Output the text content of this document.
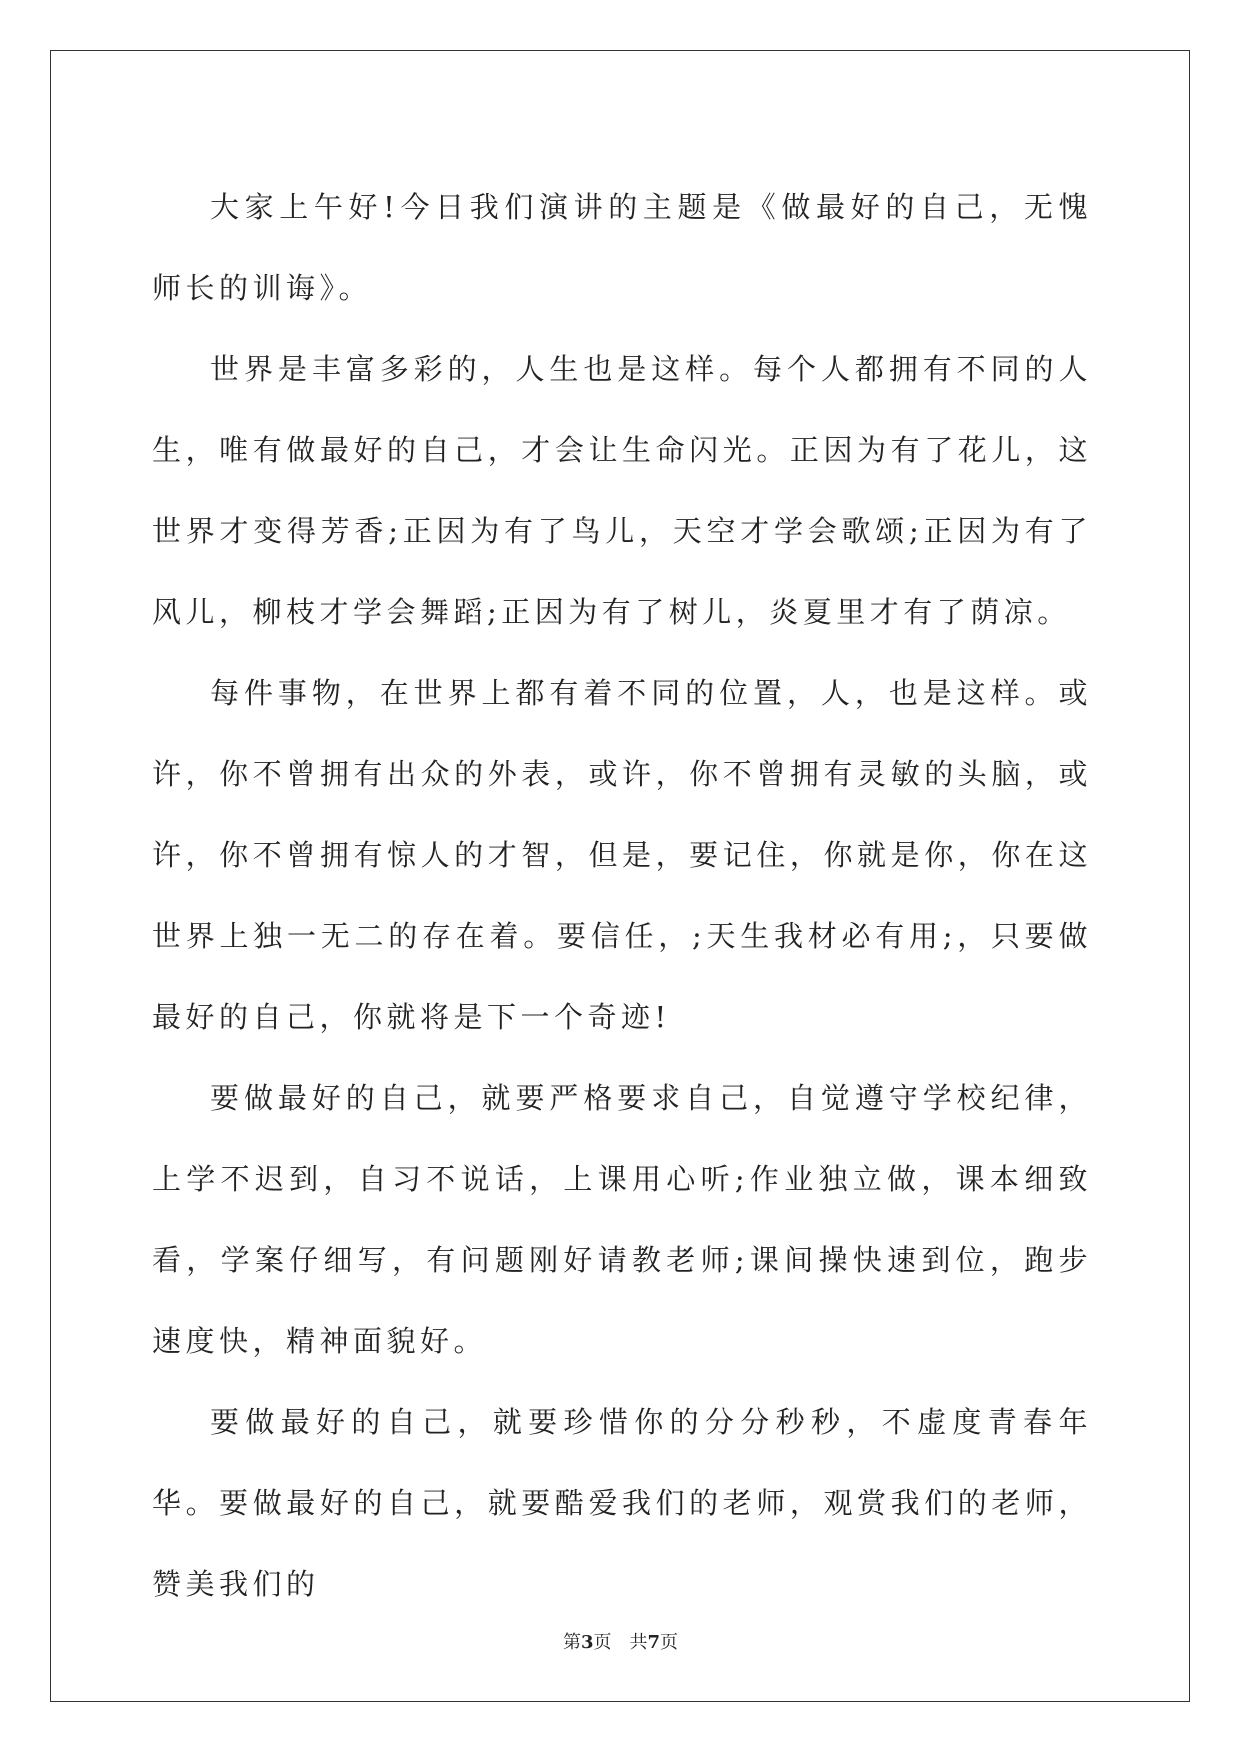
大家上午好!今日我们演讲的主题是《做最好的自己，无愧师长的训诲》。

世界是丰富多彩的，人生也是这样。每个人都拥有不同的人生，唯有做最好的自己，才会让生命闪光。正因为有了花儿，这世界才变得芳香;正因为有了鸟儿，天空才学会歌颂;正因为有了风儿，柳枝才学会舞蹈;正因为有了树儿，炎夏里才有了荫凉。

每件事物，在世界上都有着不同的位置，人，也是这样。或许，你不曾拥有出众的外表，或许，你不曾拥有灵敏的头脑，或许，你不曾拥有惊人的才智，但是，要记住，你就是你，你在这世界上独一无二的存在着。要信任，;天生我材必有用;，只要做最好的自己，你就将是下一个奇迹!

要做最好的自己，就要严格要求自己，自觉遵守学校纪律，上学不迟到，自习不说话，上课用心听;作业独立做，课本细致看，学案仔细写，有问题刚好请教老师;课间操快速到位，跑步速度快，精神面貌好。

要做最好的自己，就要珍惜你的分分秒秒，不虚度青春年华。要做最好的自己，就要酷爱我们的老师，观赏我们的老师，赞美我们的

第3页　共7页
